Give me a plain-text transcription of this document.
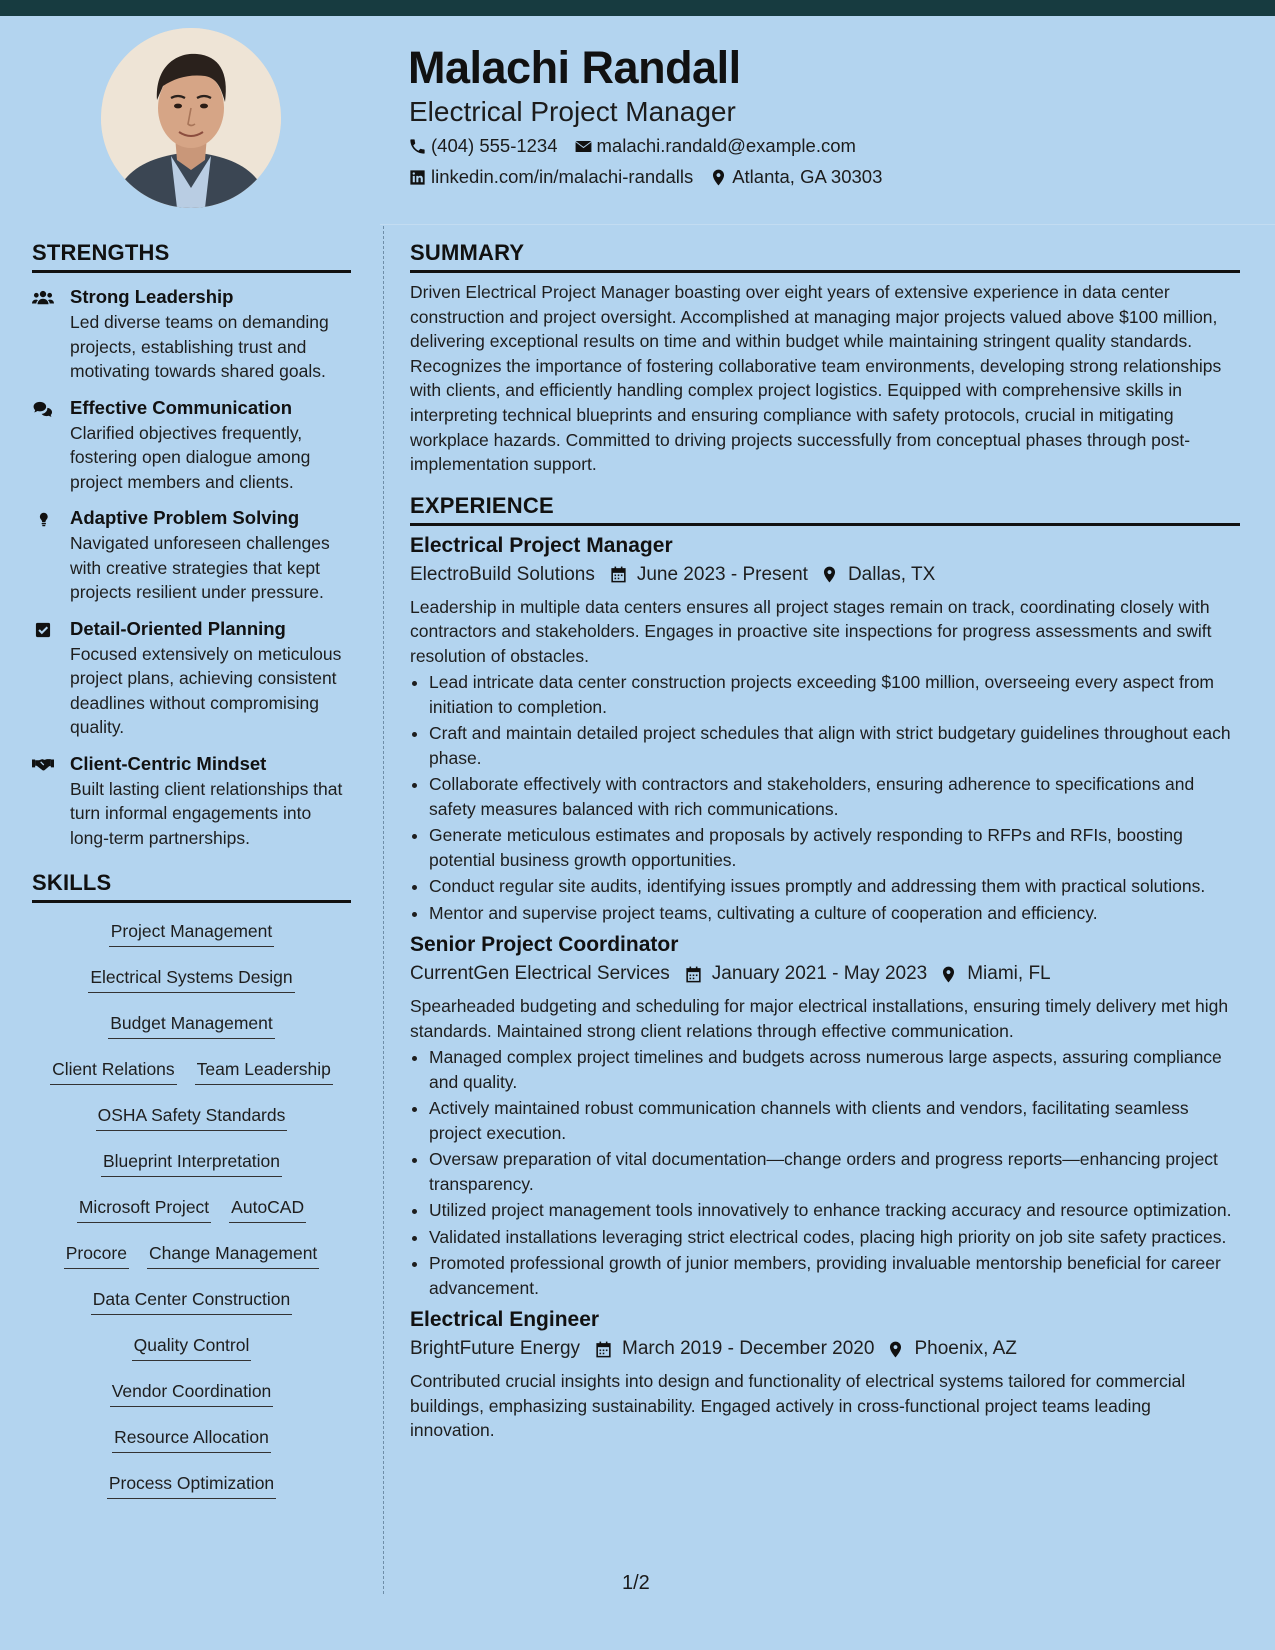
Malachi Randall
Electrical Project Manager
(404) 555-1234 malachi.randald@example.com
linkedin.com/in/malachi-randalls Atlanta, GA 30303
STRENGTHS
Strong Leadership
Led diverse teams on demanding projects, establishing trust and motivating towards shared goals.
Effective Communication
Clarified objectives frequently, fostering open dialogue among project members and clients.
Adaptive Problem Solving
Navigated unforeseen challenges with creative strategies that kept projects resilient under pressure.
Detail-Oriented Planning
Focused extensively on meticulous project plans, achieving consistent deadlines without compromising quality.
Client-Centric Mindset
Built lasting client relationships that turn informal engagements into long-term partnerships.
SKILLS
Project Management
Electrical Systems Design
Budget Management
Client Relations Team Leadership
OSHA Safety Standards
Blueprint Interpretation
Microsoft Project AutoCAD
Procore Change Management
Data Center Construction
Quality Control
Vendor Coordination
Resource Allocation
Process Optimization
SUMMARY
Driven Electrical Project Manager boasting over eight years of extensive experience in data center construction and project oversight. Accomplished at managing major projects valued above $100 million, delivering exceptional results on time and within budget while maintaining stringent quality standards. Recognizes the importance of fostering collaborative team environments, developing strong relationships with clients, and efficiently handling complex project logistics. Equipped with comprehensive skills in interpreting technical blueprints and ensuring compliance with safety protocols, crucial in mitigating workplace hazards. Committed to driving projects successfully from conceptual phases through post-implementation support.
EXPERIENCE
Electrical Project Manager
ElectroBuild Solutions June 2023 - Present Dallas, TX
Leadership in multiple data centers ensures all project stages remain on track, coordinating closely with contractors and stakeholders. Engages in proactive site inspections for progress assessments and swift resolution of obstacles.
• Lead intricate data center construction projects exceeding $100 million, overseeing every aspect from initiation to completion.
• Craft and maintain detailed project schedules that align with strict budgetary guidelines throughout each phase.
• Collaborate effectively with contractors and stakeholders, ensuring adherence to specifications and safety measures balanced with rich communications.
• Generate meticulous estimates and proposals by actively responding to RFPs and RFIs, boosting potential business growth opportunities.
• Conduct regular site audits, identifying issues promptly and addressing them with practical solutions.
• Mentor and supervise project teams, cultivating a culture of cooperation and efficiency.
Senior Project Coordinator
CurrentGen Electrical Services January 2021 - May 2023 Miami, FL
Spearheaded budgeting and scheduling for major electrical installations, ensuring timely delivery met high standards. Maintained strong client relations through effective communication.
• Managed complex project timelines and budgets across numerous large aspects, assuring compliance and quality.
• Actively maintained robust communication channels with clients and vendors, facilitating seamless project execution.
• Oversaw preparation of vital documentation—change orders and progress reports—enhancing project transparency.
• Utilized project management tools innovatively to enhance tracking accuracy and resource optimization.
• Validated installations leveraging strict electrical codes, placing high priority on job site safety practices.
• Promoted professional growth of junior members, providing invaluable mentorship beneficial for career advancement.
Electrical Engineer
BrightFuture Energy March 2019 - December 2020 Phoenix, AZ
Contributed crucial insights into design and functionality of electrical systems tailored for commercial buildings, emphasizing sustainability. Engaged actively in cross-functional project teams leading innovation.
1/2
